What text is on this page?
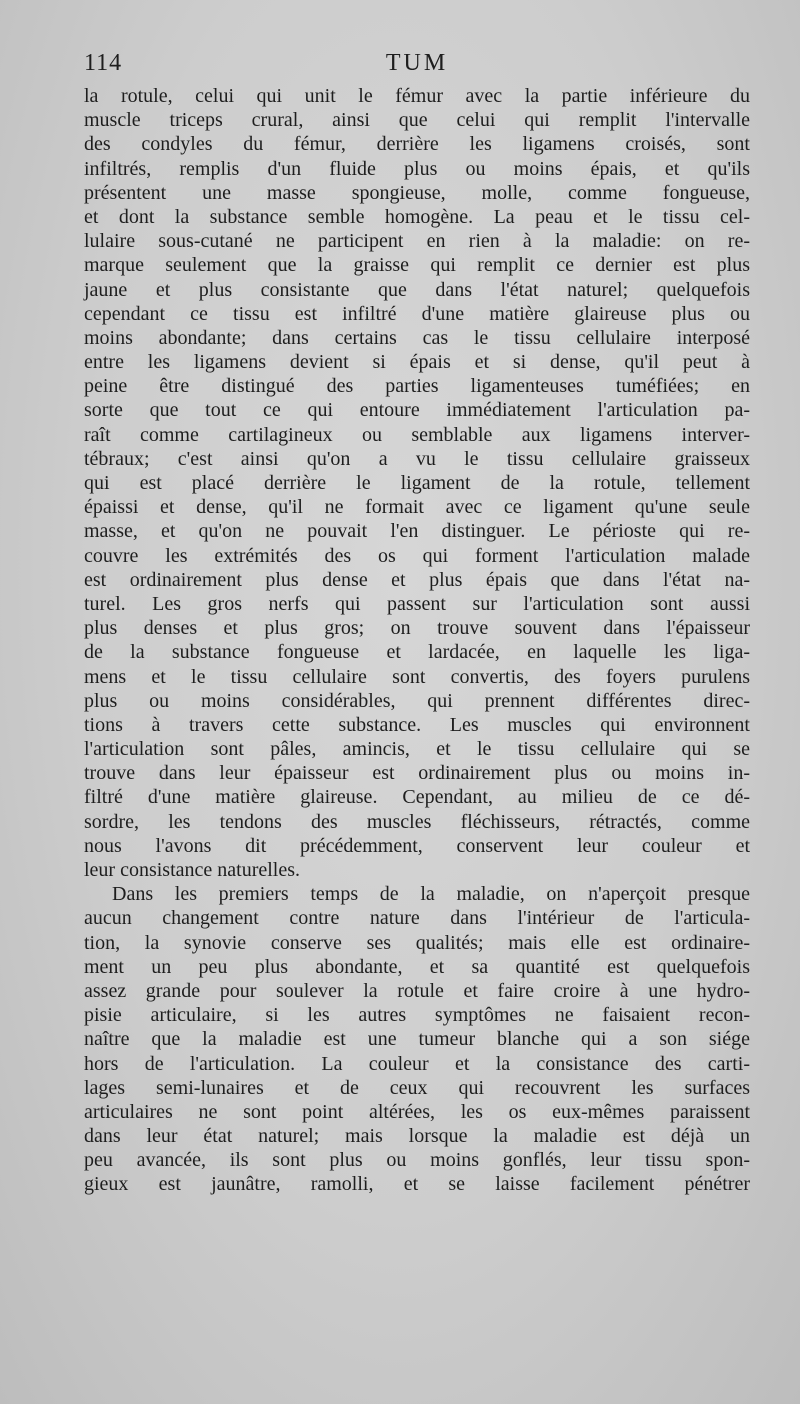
114	TUM
la rotule, celui qui unit le fémur avec la partie inférieure du
muscle triceps crural, ainsi que celui qui remplit l'intervalle
des condyles du fémur, derrière les ligamens croisés, sont
infiltrés, remplis d'un fluide plus ou moins épais, et qu'ils
présentent une masse spongieuse, molle, comme fongueuse,
et dont la substance semble homogène. La peau et le tissu cel-
lulaire sous-cutané ne participent en rien à la maladie: on re-
marque seulement que la graisse qui remplit ce dernier est plus
jaune et plus consistante que dans l'état naturel; quelquefois
cependant ce tissu est infiltré d'une matière glaireuse plus ou
moins abondante; dans certains cas le tissu cellulaire interposé
entre les ligamens devient si épais et si dense, qu'il peut à
peine être distingué des parties ligamenteuses tuméfiées; en
sorte que tout ce qui entoure immédiatement l'articulation pa-
raît comme cartilagineux ou semblable aux ligamens interver-
tébraux; c'est ainsi qu'on a vu le tissu cellulaire graisseux
qui est placé derrière le ligament de la rotule, tellement
épaissi et dense, qu'il ne formait avec ce ligament qu'une seule
masse, et qu'on ne pouvait l'en distinguer. Le périoste qui re-
couvre les extrémités des os qui forment l'articulation malade
est ordinairement plus dense et plus épais que dans l'état na-
turel. Les gros nerfs qui passent sur l'articulation sont aussi
plus denses et plus gros; on trouve souvent dans l'épaisseur
de la substance fongueuse et lardacée, en laquelle les liga-
mens et le tissu cellulaire sont convertis, des foyers purulens
plus ou moins considérables, qui prennent différentes direc-
tions à travers cette substance. Les muscles qui environnent
l'articulation sont pâles, amincis, et le tissu cellulaire qui se
trouve dans leur épaisseur est ordinairement plus ou moins in-
filtré d'une matière glaireuse. Cependant, au milieu de ce dé-
sordre, les tendons des muscles fléchisseurs, rétractés, comme
nous l'avons dit précédemment, conservent leur couleur et
leur consistance naturelles.
Dans les premiers temps de la maladie, on n'aperçoit presque
aucun changement contre nature dans l'intérieur de l'articula-
tion, la synovie conserve ses qualités; mais elle est ordinaire-
ment un peu plus abondante, et sa quantité est quelquefois
assez grande pour soulever la rotule et faire croire à une hydro-
pisie articulaire, si les autres symptômes ne faisaient recon-
naître que la maladie est une tumeur blanche qui a son siége
hors de l'articulation. La couleur et la consistance des carti-
lages semi-lunaires et de ceux qui recouvrent les surfaces
articulaires ne sont point altérées, les os eux-mêmes paraissent
dans leur état naturel; mais lorsque la maladie est déjà un
peu avancée, ils sont plus ou moins gonflés, leur tissu spon-
gieux est jaunâtre, ramolli, et se laisse facilement pénétrer
